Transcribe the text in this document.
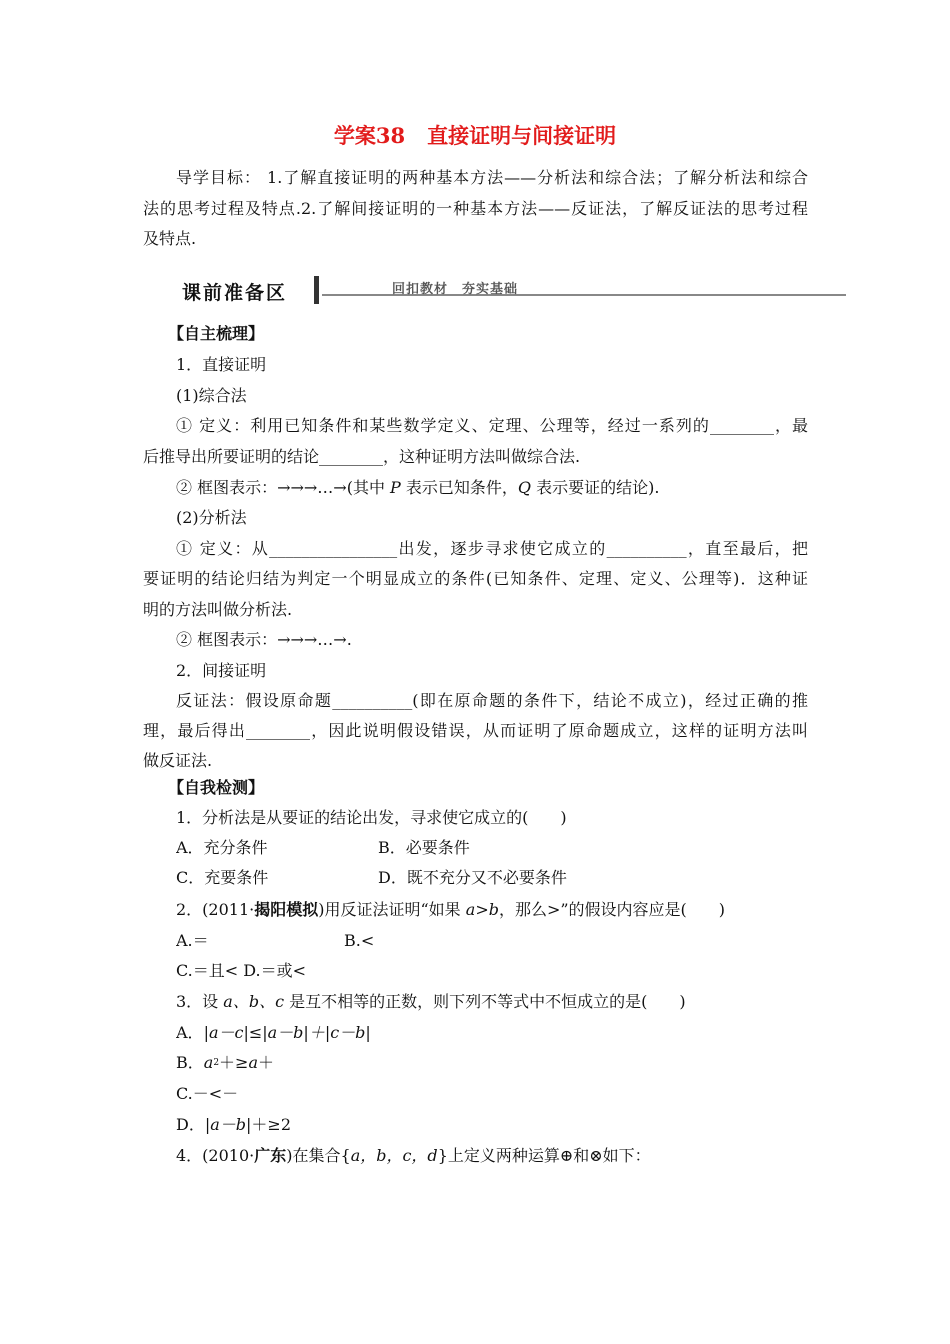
学案38 直接证明与间接证明
导学目标： 1.了解直接证明的两种基本方法——分析法和综合法；了解分析法和综合
法的思考过程及特点.2.了解间接证明的一种基本方法——反证法，了解反证法的思考过程
及特点.
课前准备区	回扣教材 夯实基础
【自主梳理】
1．直接证明
(1)综合法
① 定义：利用已知条件和某些数学定义、定理、公理等，经过一系列的________，最
后推导出所要证明的结论________，这种证明方法叫做综合法.
② 框图表示：→→→…→(其中 P 表示已知条件，Q 表示要证的结论).
(2)分析法
① 定义：从________________出发，逐步寻求使它成立的__________，直至最后，把
要证明的结论归结为判定一个明显成立的条件(已知条件、定理、定义、公理等)．这种证
明的方法叫做分析法.
② 框图表示：→→→…→.
2．间接证明
反证法：假设原命题__________(即在原命题的条件下，结论不成立)，经过正确的推
理，最后得出________，因此说明假设错误，从而证明了原命题成立，这样的证明方法叫
做反证法.
【自我检测】
1．分析法是从要证的结论出发，寻求使它成立的(　　)
A．充分条件	B．必要条件
C．充要条件	D．既不充分又不必要条件
2．(2011·揭阳模拟)用反证法证明“如果 a>b，那么>”的假设内容应是(　　)
A.＝	B.<
C.＝且< D.＝或<
3．设 a、b、c 是互不相等的正数，则下列不等式中不恒成立的是(　　)
A．|a－c|≤|a－b|＋|c－b|
B．$a^2+\ge a+$
C.－<－
D．|a－b|＋≥2
4．(2010·广东)在集合{a，b，c，d}上定义两种运算⊕和⊗如下：
